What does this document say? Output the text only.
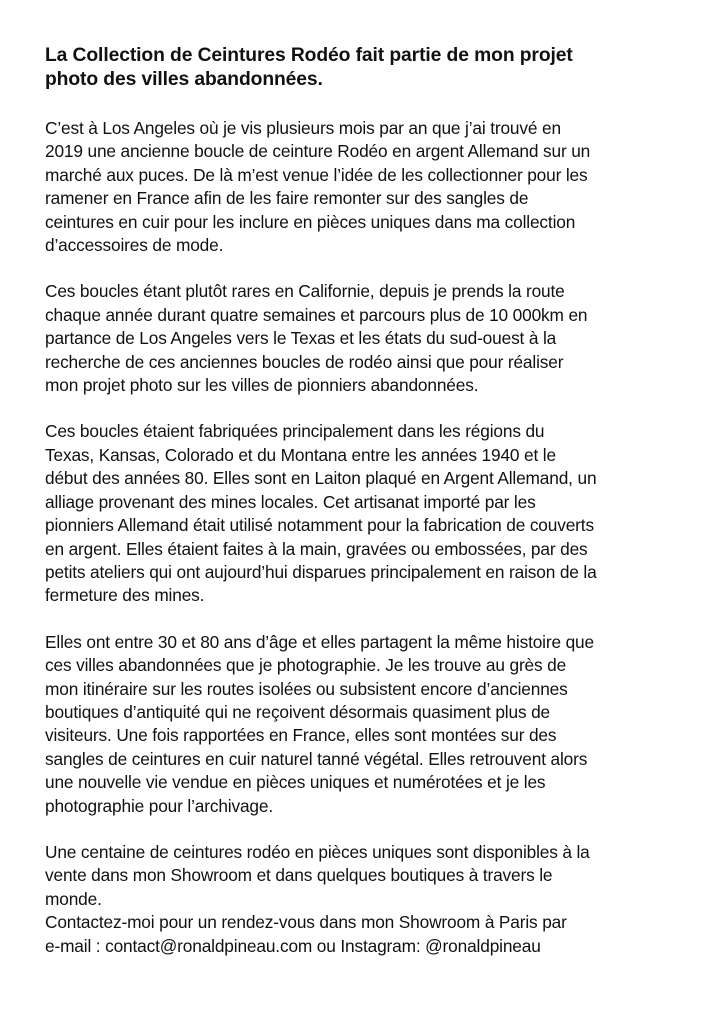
La Collection de Ceintures Rodéo fait partie de mon projet
photo des villes abandonnées.

C’est à Los Angeles où je vis plusieurs mois par an que j’ai trouvé en
2019 une ancienne boucle de ceinture Rodéo en argent Allemand sur un
marché aux puces. De là m’est venue l’idée de les collectionner pour les
ramener en France afin de les faire remonter sur des sangles de
ceintures en cuir pour les inclure en pièces uniques dans ma collection
d’accessoires de mode.

Ces boucles étant plutôt rares en Californie, depuis je prends la route
chaque année durant quatre semaines et parcours plus de 10 000km en
partance de Los Angeles vers le Texas et les états du sud-ouest à la
recherche de ces anciennes boucles de rodéo ainsi que pour réaliser
mon projet photo sur les villes de pionniers abandonnées.

Ces boucles étaient fabriquées principalement dans les régions du
Texas, Kansas, Colorado et du Montana entre les années 1940 et le
début des années 80. Elles sont en Laiton plaqué en Argent Allemand, un
alliage provenant des mines locales. Cet artisanat importé par les
pionniers Allemand était utilisé notamment pour la fabrication de couverts
en argent. Elles étaient faites à la main, gravées ou embossées, par des
petits ateliers qui ont aujourd’hui disparues principalement en raison de la
fermeture des mines.

Elles ont entre 30 et 80 ans d’âge et elles partagent la même histoire que
ces villes abandonnées que je photographie. Je les trouve au grès de
mon itinéraire sur les routes isolées ou subsistent encore d’anciennes
boutiques d’antiquité qui ne reçoivent désormais quasiment plus de
visiteurs. Une fois rapportées en France, elles sont montées sur des
sangles de ceintures en cuir naturel tanné végétal. Elles retrouvent alors
une nouvelle vie vendue en pièces uniques et numérotées et je les
photographie pour l’archivage.

Une centaine de ceintures rodéo en pièces uniques sont disponibles à la
vente dans mon Showroom et dans quelques boutiques à travers le
monde.
Contactez-moi pour un rendez-vous dans mon Showroom à Paris par
e-mail : contact@ronaldpineau.com ou Instagram: @ronaldpineau
